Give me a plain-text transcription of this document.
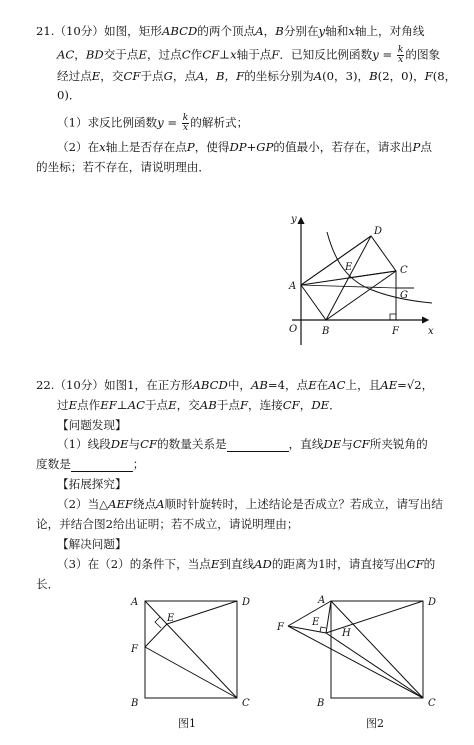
21.（10分）如图，矩形ABCD的两个顶点A，B分别在y轴和x轴上，对角线
AC，BD交于点E，过点C作CF⊥x轴于点F．已知反比例函数$y = \frac{k}{x}$ 的图象
经过点E，交CF于点G，点A，B，F的坐标分别为A(0，3)，B(2，0)，F(8，
0)．
（1）求反比例函数$y = \frac{k}{x}$ 的解析式；
（2）在x轴上是否存在点P，使得DP+GP的值最小，若存在，请求出P点
的坐标；若不存在，请说明理由．
y
x
O
A
B
C
D
E
F
G
22.（10分）如图1，在正方形ABCD中，AB=4，点E在AC上，且AE=√2，
过E点作EF⊥AC于点E，交AB于点F，连接CF，DE．
【问题发现】
（1）线段DE与CF的数量关系是	，直线DE与CF所夹锐角的
度数是	；
【拓展探究】
（2）当△AEF绕点A顺时针旋转时，上述结论是否成立？若成立，请写出结
论，并结合图2给出证明；若不成立，请说明理由；
【解决问题】
（3）在（2）的条件下，当点E到直线AD的距离为1时，请直接写出CF的
长．
A	D
E
F
B	C
图1
A	D
F	E
H
B	C
图2
